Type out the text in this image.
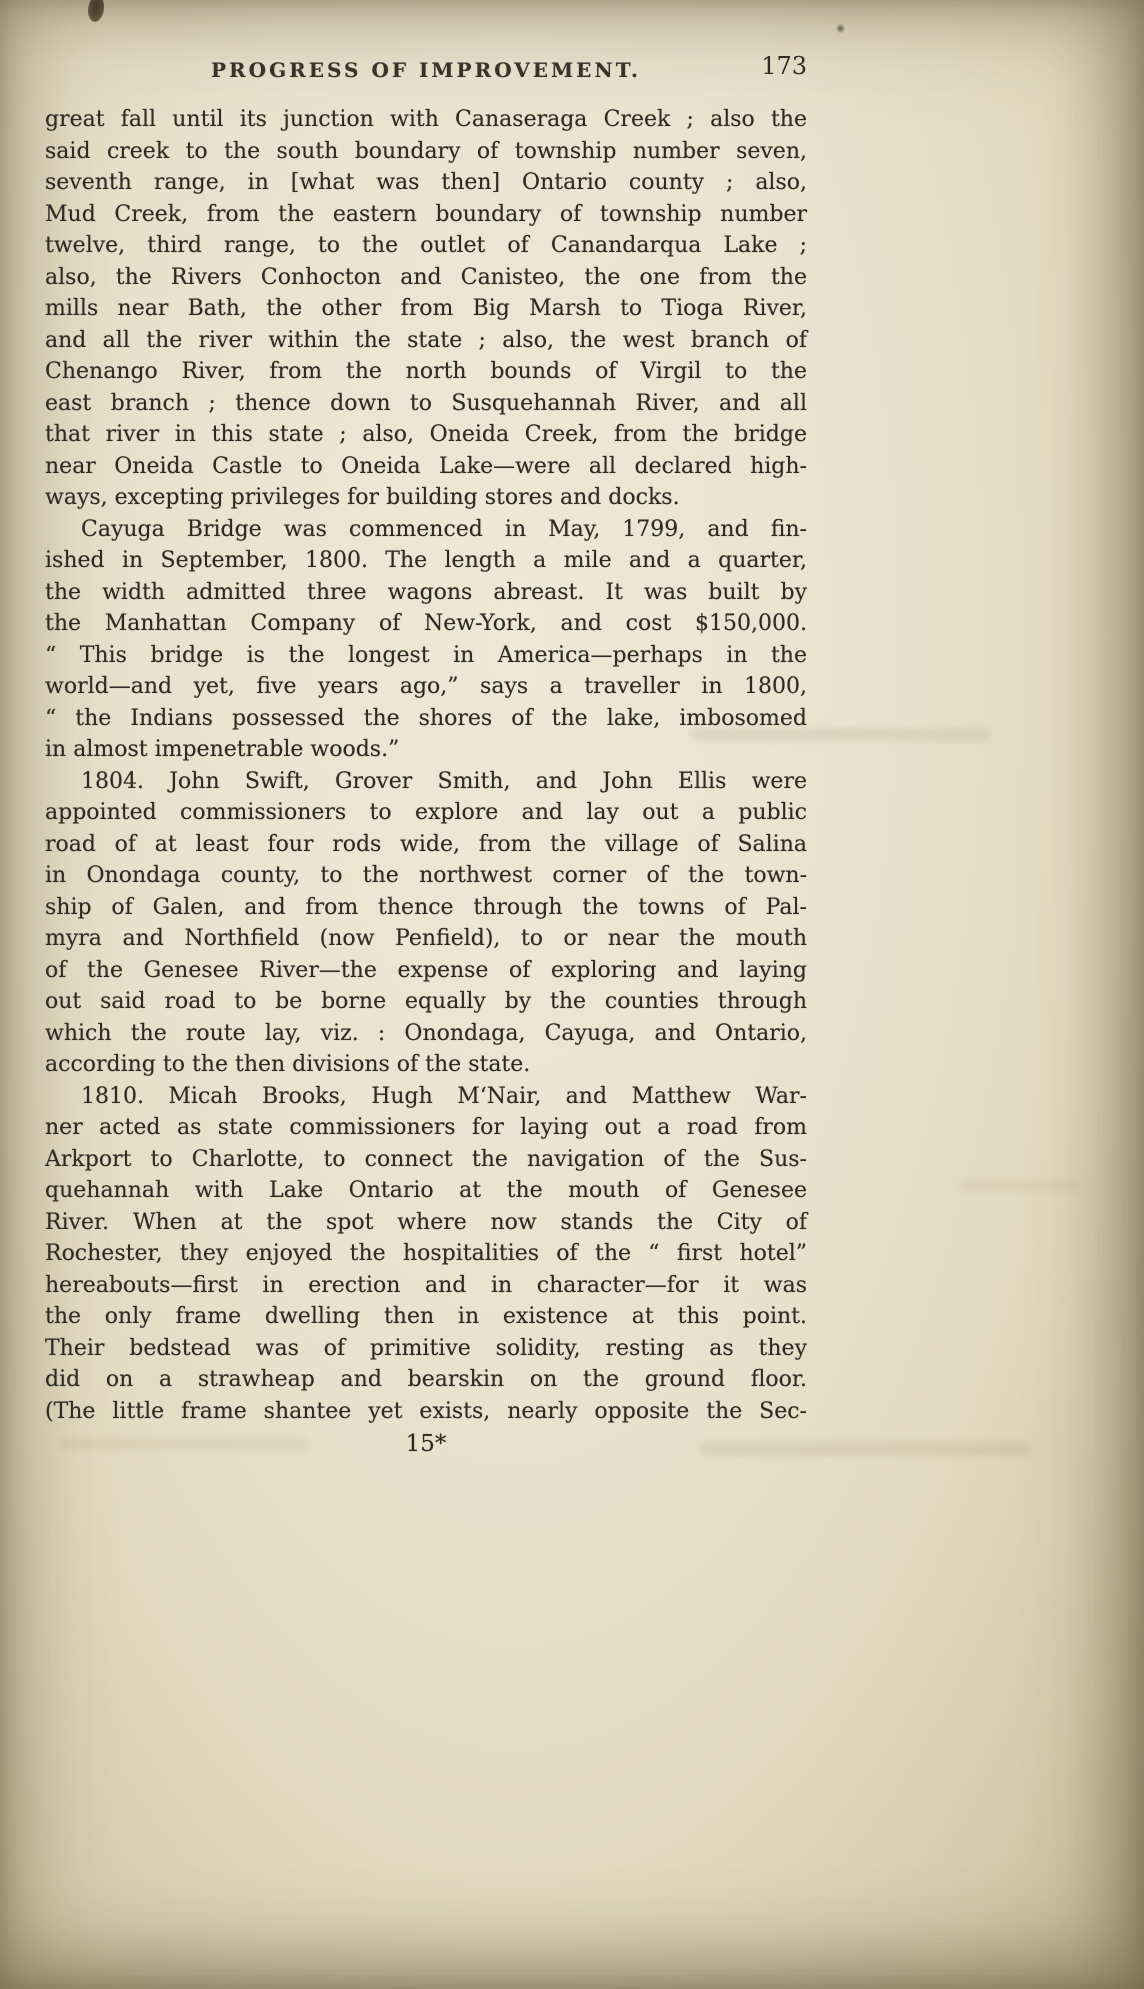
PROGRESS OF IMPROVEMENT.	173
great fall until its junction with Canaseraga Creek ; also the
said creek to the south boundary of township number seven,
seventh range, in [what was then] Ontario county ; also,
Mud Creek, from the eastern boundary of township number
twelve, third range, to the outlet of Canandarqua Lake ;
also, the Rivers Conhocton and Canisteo, the one from the
mills near Bath, the other from Big Marsh to Tioga River,
and all the river within the state ; also, the west branch of
Chenango River, from the north bounds of Virgil to the
east branch ; thence down to Susquehannah River, and all
that river in this state ; also, Oneida Creek, from the bridge
near Oneida Castle to Oneida Lake—were all declared high-
ways, excepting privileges for building stores and docks.
Cayuga Bridge was commenced in May, 1799, and fin-
ished in September, 1800. The length a mile and a quarter,
the width admitted three wagons abreast. It was built by
the Manhattan Company of New-York, and cost $150,000.
“ This bridge is the longest in America—perhaps in the
world—and yet, five years ago,” says a traveller in 1800,
“ the Indians possessed the shores of the lake, imbosomed
in almost impenetrable woods.”
1804. John Swift, Grover Smith, and John Ellis were
appointed commissioners to explore and lay out a public
road of at least four rods wide, from the village of Salina
in Onondaga county, to the northwest corner of the town-
ship of Galen, and from thence through the towns of Pal-
myra and Northfield (now Penfield), to or near the mouth
of the Genesee River—the expense of exploring and laying
out said road to be borne equally by the counties through
which the route lay, viz. : Onondaga, Cayuga, and Ontario,
according to the then divisions of the state.
1810. Micah Brooks, Hugh M‘Nair, and Matthew War-
ner acted as state commissioners for laying out a road from
Arkport to Charlotte, to connect the navigation of the Sus-
quehannah with Lake Ontario at the mouth of Genesee
River. When at the spot where now stands the City of
Rochester, they enjoyed the hospitalities of the “ first hotel”
hereabouts—first in erection and in character—for it was
the only frame dwelling then in existence at this point.
Their bedstead was of primitive solidity, resting as they
did on a strawheap and bearskin on the ground floor.
(The little frame shantee yet exists, nearly opposite the Sec-
15*
